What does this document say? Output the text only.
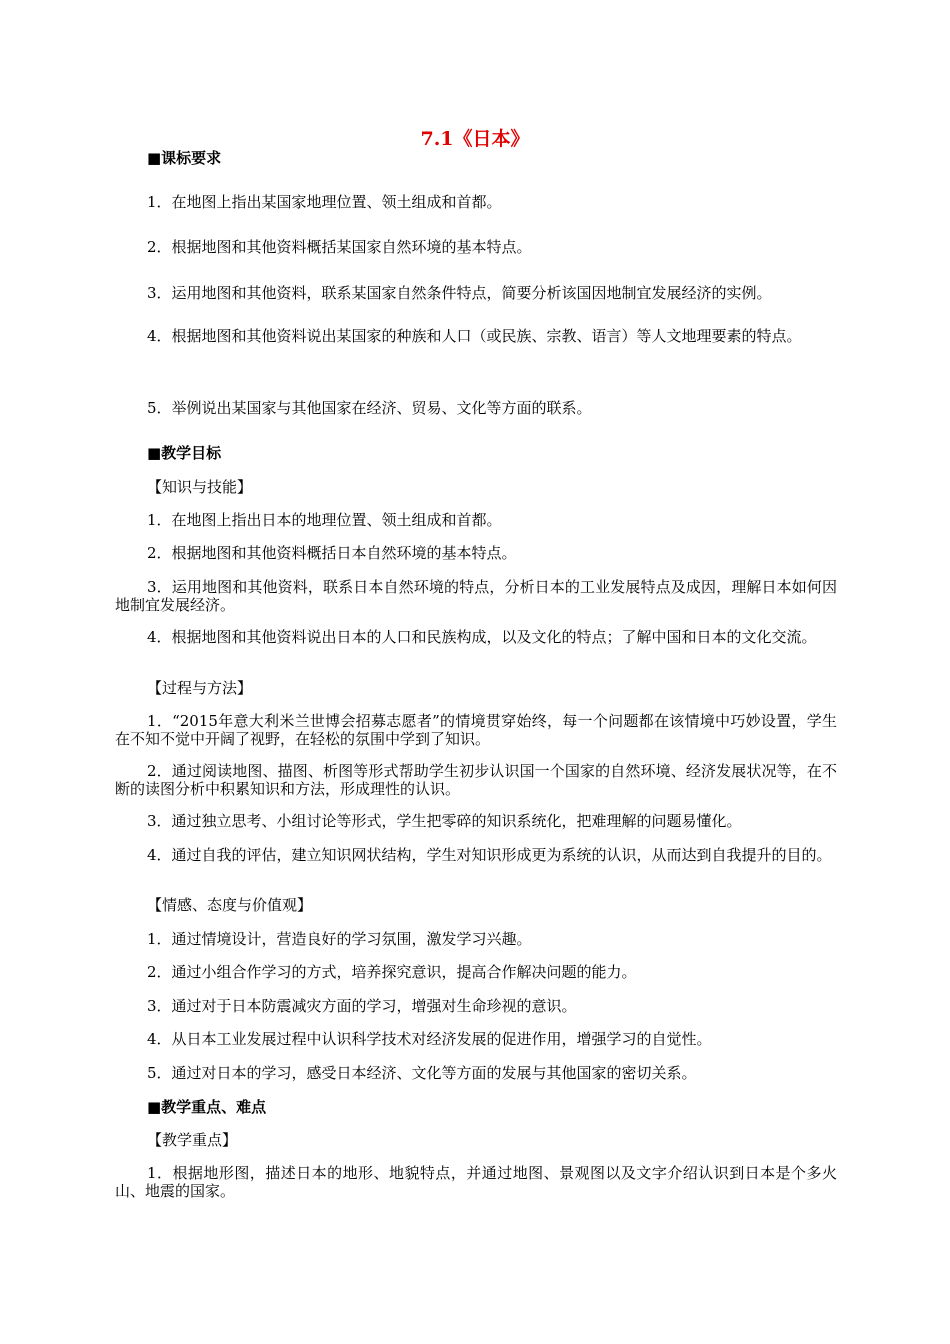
7.1《日本》
■课标要求
1．在地图上指出某国家地理位置、领土组成和首都。
2．根据地图和其他资料概括某国家自然环境的基本特点。
3．运用地图和其他资料，联系某国家自然条件特点，简要分析该国因地制宜发展经济的实例。
4．根据地图和其他资料说出某国家的种族和人口（或民族、宗教、语言）等人文地理要素的特点。
5．举例说出某国家与其他国家在经济、贸易、文化等方面的联系。
■教学目标
【知识与技能】
1．在地图上指出日本的地理位置、领土组成和首都。
2．根据地图和其他资料概括日本自然环境的基本特点。
3．运用地图和其他资料，联系日本自然环境的特点，分析日本的工业发展特点及成因，理解日本如何因地制宜发展经济。
4．根据地图和其他资料说出日本的人口和民族构成，以及文化的特点；了解中国和日本的文化交流。
【过程与方法】
1．“2015年意大利米兰世博会招募志愿者”的情境贯穿始终，每一个问题都在该情境中巧妙设置，学生在不知不觉中开阔了视野，在轻松的氛围中学到了知识。
2．通过阅读地图、描图、析图等形式帮助学生初步认识国一个国家的自然环境、经济发展状况等，在不断的读图分析中积累知识和方法，形成理性的认识。
3．通过独立思考、小组讨论等形式，学生把零碎的知识系统化，把难理解的问题易懂化。
4．通过自我的评估，建立知识网状结构，学生对知识形成更为系统的认识，从而达到自我提升的目的。
【情感、态度与价值观】
1．通过情境设计，营造良好的学习氛围，激发学习兴趣。
2．通过小组合作学习的方式，培养探究意识，提高合作解决问题的能力。
3．通过对于日本防震减灾方面的学习，增强对生命珍视的意识。
4．从日本工业发展过程中认识科学技术对经济发展的促进作用，增强学习的自觉性。
5．通过对日本的学习，感受日本经济、文化等方面的发展与其他国家的密切关系。
■教学重点、难点
【教学重点】
1．根据地形图，描述日本的地形、地貌特点，并通过地图、景观图以及文字介绍认识到日本是个多火山、地震的国家。
